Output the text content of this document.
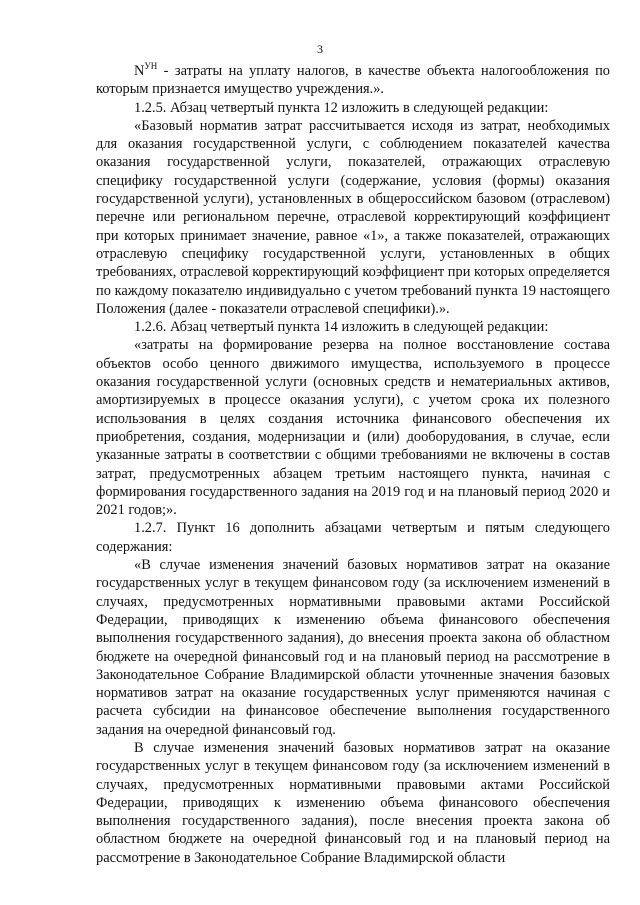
3

$N^{УН}$ - затраты на уплату налогов, в качестве объекта налогообложения по которым признается имущество учреждения.».

1.2.5. Абзац четвертый пункта 12 изложить в следующей редакции:

«Базовый норматив затрат рассчитывается исходя из затрат, необходимых для оказания государственной услуги, с соблюдением показателей качества оказания государственной услуги, показателей, отражающих отраслевую специфику государственной услуги (содержание, условия (формы) оказания государственной услуги), установленных в общероссийском базовом (отраслевом) перечне или региональном перечне, отраслевой корректирующий коэффициент при которых принимает значение, равное «1», а также показателей, отражающих отраслевую специфику государственной услуги, установленных в общих требованиях, отраслевой корректирующий коэффициент при которых определяется по каждому показателю индивидуально с учетом требований пункта 19 настоящего Положения (далее - показатели отраслевой специфики).».

1.2.6. Абзац четвертый пункта 14 изложить в следующей редакции:

«затраты на формирование резерва на полное восстановление состава объектов особо ценного движимого имущества, используемого в процессе оказания государственной услуги (основных средств и нематериальных активов, амортизируемых в процессе оказания услуги), с учетом срока их полезного использования в целях создания источника финансового обеспечения их приобретения, создания, модернизации и (или) дооборудования, в случае, если указанные затраты в соответствии с общими требованиями не включены в состав затрат, предусмотренных абзацем третьим настоящего пункта, начиная с формирования государственного задания на 2019 год и на плановый период 2020 и 2021 годов;».

1.2.7. Пункт 16 дополнить абзацами четвертым и пятым следующего содержания:

«В случае изменения значений базовых нормативов затрат на оказание государственных услуг в текущем финансовом году (за исключением изменений в случаях, предусмотренных нормативными правовыми актами Российской Федерации, приводящих к изменению объема финансового обеспечения выполнения государственного задания), до внесения проекта закона об областном бюджете на очередной финансовый год и на плановый период на рассмотрение в Законодательное Собрание Владимирской области уточненные значения базовых нормативов затрат на оказание государственных услуг применяются начиная с расчета субсидии на финансовое обеспечение выполнения государственного задания на очередной финансовый год.

В случае изменения значений базовых нормативов затрат на оказание государственных услуг в текущем финансовом году (за исключением изменений в случаях, предусмотренных нормативными правовыми актами Российской Федерации, приводящих к изменению объема финансового обеспечения выполнения государственного задания), после внесения проекта закона об областном бюджете на очередной финансовый год и на плановый период на рассмотрение в Законодательное Собрание Владимирской области
